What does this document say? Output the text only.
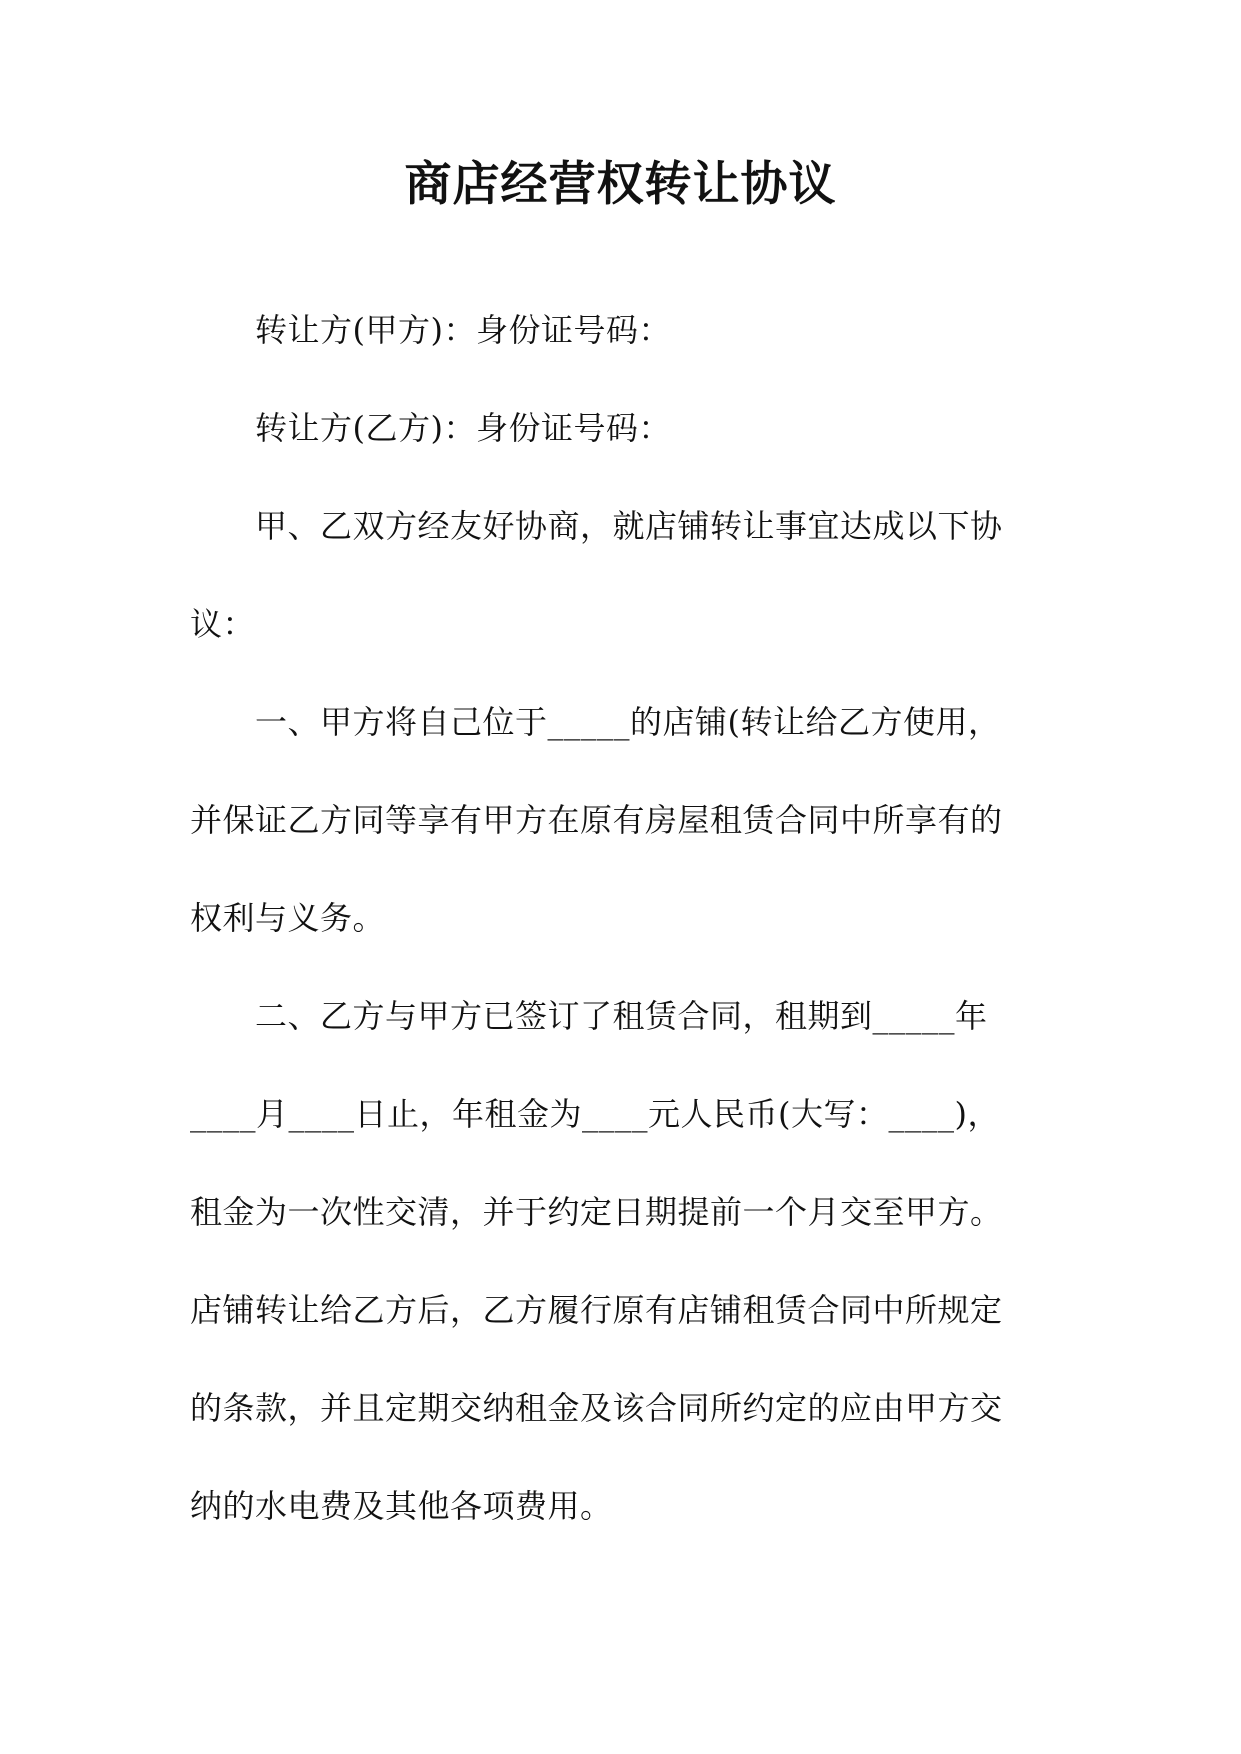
商店经营权转让协议
转让方(甲方)：身份证号码：
转让方(乙方)：身份证号码：
甲、乙双方经友好协商，就店铺转让事宜达成以下协
议：
一、甲方将自己位于_____的店铺(转让给乙方使用，
并保证乙方同等享有甲方在原有房屋租赁合同中所享有的
权利与义务。
二、乙方与甲方已签订了租赁合同，租期到_____年
____月____日止，年租金为____元人民币(大写：____)，
租金为一次性交清，并于约定日期提前一个月交至甲方。
店铺转让给乙方后，乙方履行原有店铺租赁合同中所规定
的条款，并且定期交纳租金及该合同所约定的应由甲方交
纳的水电费及其他各项费用。
